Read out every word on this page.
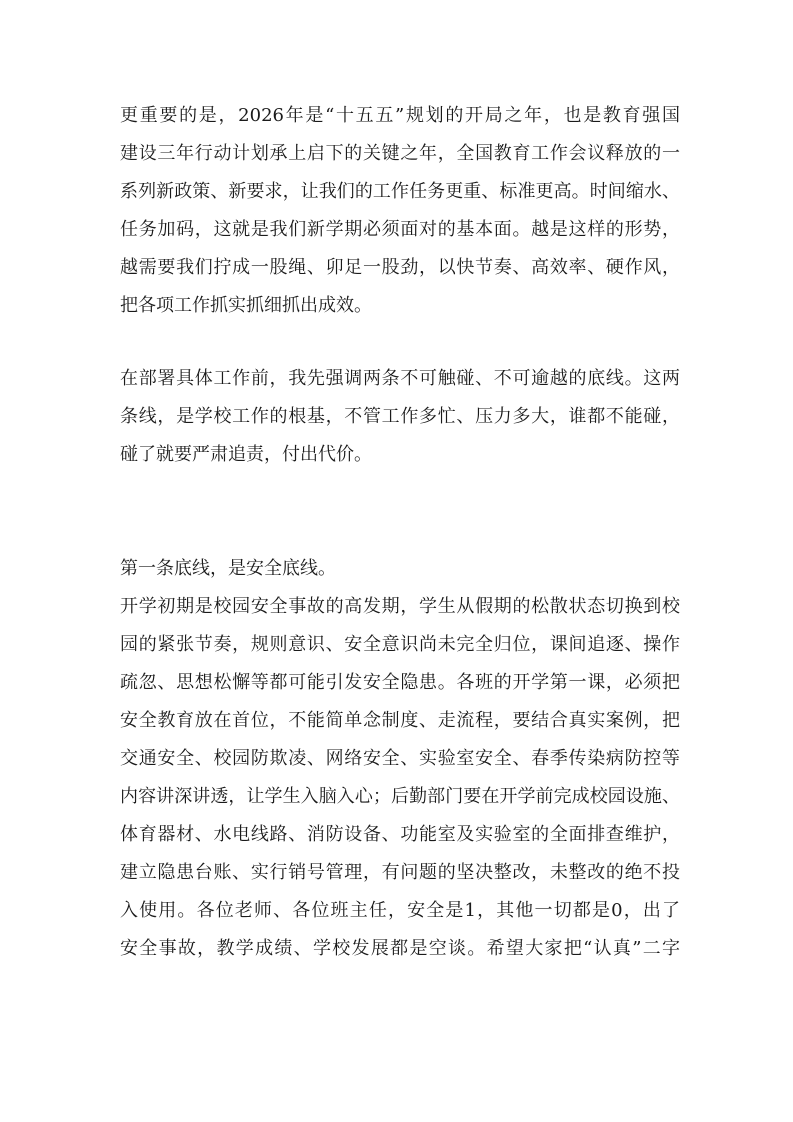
更重要的是，2026年是“十五五”规划的开局之年，也是教育强国
建设三年行动计划承上启下的关键之年，全国教育工作会议释放的一
系列新政策、新要求，让我们的工作任务更重、标准更高。时间缩水、
任务加码，这就是我们新学期必须面对的基本面。越是这样的形势，
越需要我们拧成一股绳、卯足一股劲，以快节奏、高效率、硬作风，
把各项工作抓实抓细抓出成效。
在部署具体工作前，我先强调两条不可触碰、不可逾越的底线。这两
条线，是学校工作的根基，不管工作多忙、压力多大，谁都不能碰，
碰了就要严肃追责，付出代价。
第一条底线，是安全底线。
开学初期是校园安全事故的高发期，学生从假期的松散状态切换到校
园的紧张节奏，规则意识、安全意识尚未完全归位，课间追逐、操作
疏忽、思想松懈等都可能引发安全隐患。各班的开学第一课，必须把
安全教育放在首位，不能简单念制度、走流程，要结合真实案例，把
交通安全、校园防欺凌、网络安全、实验室安全、春季传染病防控等
内容讲深讲透，让学生入脑入心；后勤部门要在开学前完成校园设施、
体育器材、水电线路、消防设备、功能室及实验室的全面排查维护，
建立隐患台账、实行销号管理，有问题的坚决整改，未整改的绝不投
入使用。各位老师、各位班主任，安全是1，其他一切都是0，出了
安全事故，教学成绩、学校发展都是空谈。希望大家把“认真”二字
